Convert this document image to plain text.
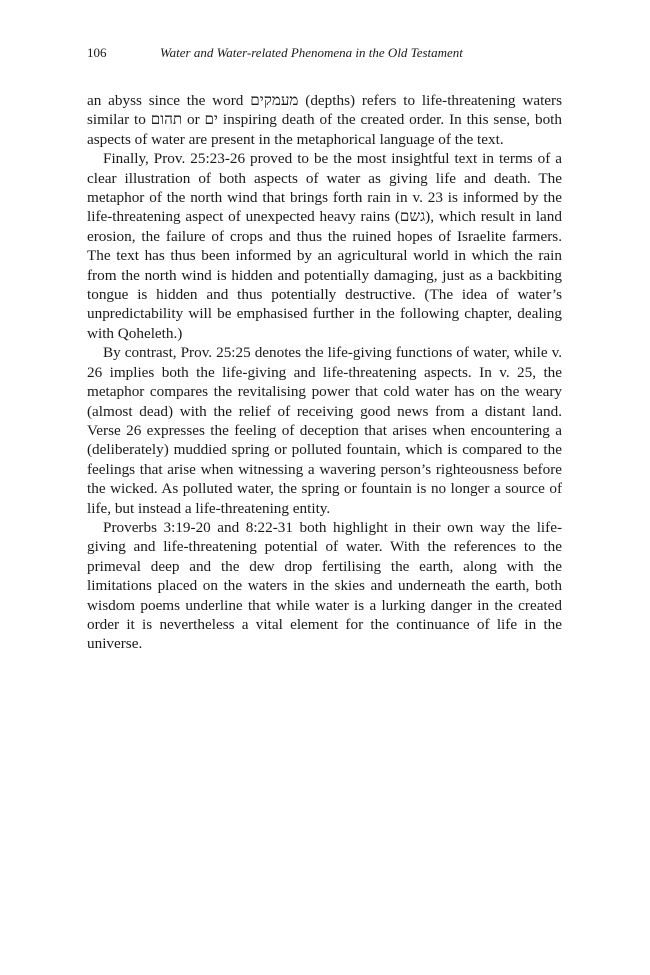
106	Water and Water-related Phenomena in the Old Testament

an abyss since the word מעמקים (depths) refers to life-threatening waters similar to תהום or ים inspiring death of the created order. In this sense, both aspects of water are present in the metaphorical language of the text.

Finally, Prov. 25:23-26 proved to be the most insightful text in terms of a clear illustration of both aspects of water as giving life and death. The metaphor of the north wind that brings forth rain in v. 23 is informed by the life-threatening aspect of unexpected heavy rains (גשם), which result in land erosion, the failure of crops and thus the ruined hopes of Israelite farmers. The text has thus been informed by an agricultural world in which the rain from the north wind is hidden and potentially damaging, just as a backbiting tongue is hidden and thus potentially destructive. (The idea of water’s unpredictability will be emphasised further in the following chapter, dealing with Qoheleth.)

By contrast, Prov. 25:25 denotes the life-giving functions of water, while v. 26 implies both the life-giving and life-threatening aspects. In v. 25, the metaphor compares the revitalising power that cold water has on the weary (almost dead) with the relief of receiving good news from a distant land. Verse 26 expresses the feeling of deception that arises when encountering a (deliberately) muddied spring or polluted fountain, which is compared to the feelings that arise when witnessing a wavering person’s righteousness before the wicked. As polluted water, the spring or fountain is no longer a source of life, but instead a life-threatening entity.

Proverbs 3:19-20 and 8:22-31 both highlight in their own way the life-giving and life-threatening potential of water. With the references to the primeval deep and the dew drop fertilising the earth, along with the limitations placed on the waters in the skies and underneath the earth, both wisdom poems underline that while water is a lurking danger in the created order it is nevertheless a vital element for the continuance of life in the universe.
